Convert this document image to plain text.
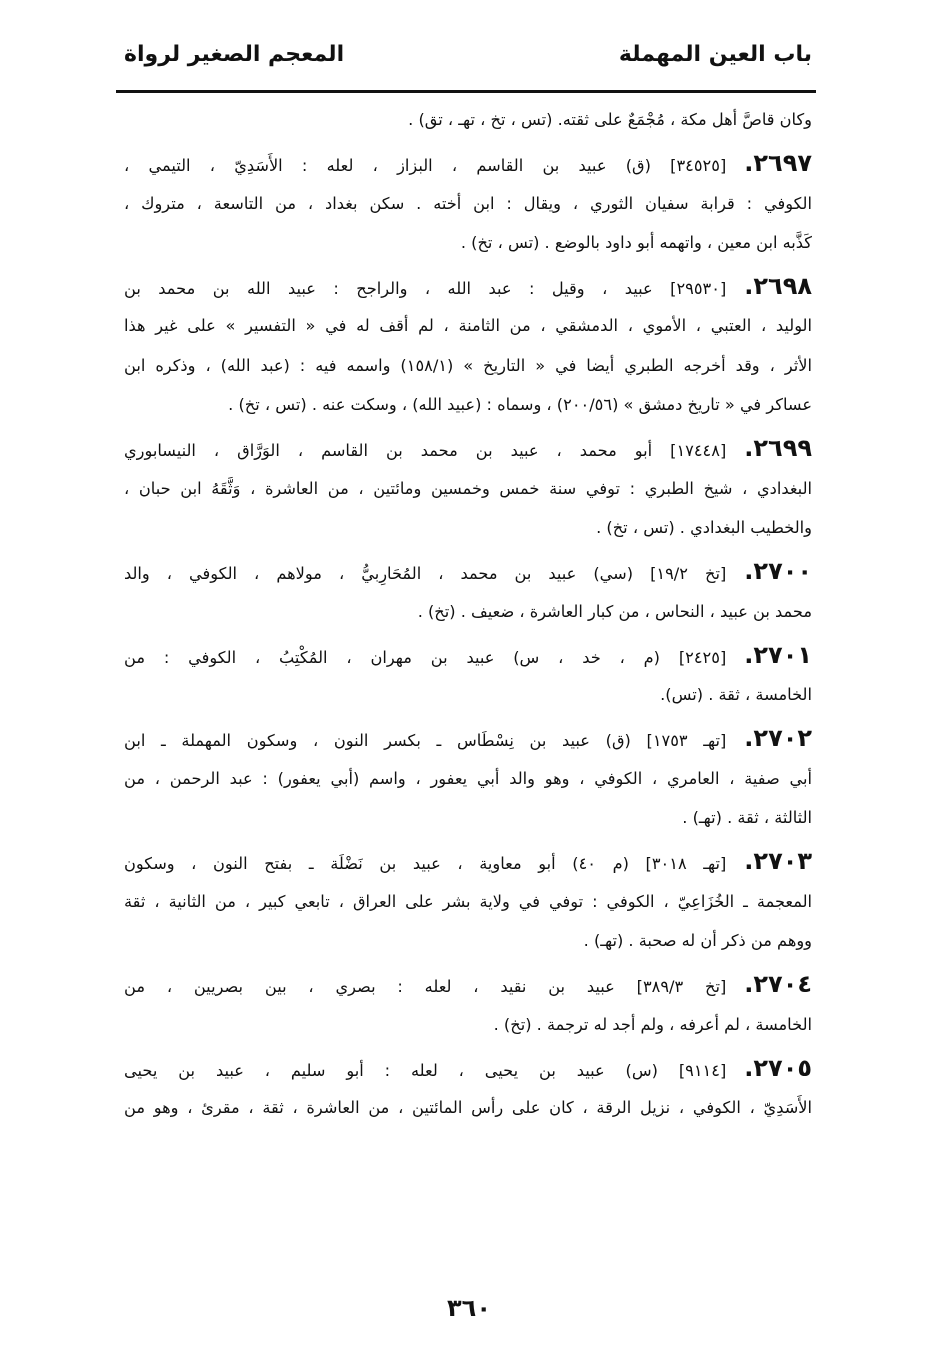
باب العين المهملة
المعجم الصغير لرواة
وكان قاصَّ أهل مكة ، مُجْمَعٌ على ثقته. (تس ، تخ ، تهـ ، تق) .
٢٦٩٧.[٣٤٥٢٥] (ق) عبيد بن القاسم ، البزاز ، لعله : الأَسَدِيّ ، التيمي ،
الكوفي : قرابة سفيان الثوري ، ويقال : ابن أخته . سكن بغداد ، من التاسعة ، متروك ،
كَذَّبه ابن معين ، واتهمه أبو داود بالوضع . (تس ، تخ) .
٢٦٩٨.[٢٩٥٣٠] عبيد ، وقيل : عبد الله ، والراجح : عبيد الله بن محمد بن
الوليد ، العتبي ، الأموي ، الدمشقي ، من الثامنة ، لم أقف له في « التفسير » على غير هذا
الأثر ، وقد أخرجه الطبري أيضا في « التاريخ » (١٥٨/١) واسمه فيه : (عبد الله) ، وذكره ابن
عساكر في « تاريخ دمشق » (٢٠٠/٥٦) ، وسماه : (عبيد الله) ، وسكت عنه . (تس ، تخ) .
٢٦٩٩.[١٧٤٤٨] أبو محمد ، عبيد بن محمد بن القاسم ، الوَرَّاق ، النيسابوري
البغدادي ، شيخ الطبري : توفي سنة خمس وخمسين ومائتين ، من العاشرة ، وَثَّقَهُ ابن حبان ،
والخطيب البغدادي . (تس ، تخ) .
٢٧٠٠.[تخ ١٩/٢] (سي) عبيد بن محمد ، المُحَارِبيُّ ، مولاهم ، الكوفي ، والد
محمد بن عبيد ، النحاس ، من كبار العاشرة ، ضعيف . (تخ) .
٢٧٠١.[٢٤٢٥] (م ، خد ، س) عبيد بن مهران ، المُكْتِبُ ، الكوفي : من
الخامسة ، ثقة . (تس).
٢٧٠٢.[تهـ ١٧٥٣] (ق) عبيد بن نِسْطَاس ـ بكسر النون ، وسكون المهملة ـ ابن
أبي صفية ، العامري ، الكوفي ، وهو والد أبي يعفور ، واسم (أبي يعفور) : عبد الرحمن ، من
الثالثة ، ثقة . (تهـ) .
٢٧٠٣.[تهـ ٣٠١٨] (م ٤٠) أبو معاوية ، عبيد بن نَضْلَة ـ بفتح النون ، وسكون
المعجمة ـ الخُزَاعِيّ ، الكوفي : توفي في ولاية بشر على العراق ، تابعي كبير ، من الثانية ، ثقة
ووهم من ذكر أن له صحبة . (تهـ) .
٢٧٠٤.[تخ ٣٨٩/٣] عبيد بن نقيد ، لعله : بصري ، بين بصريين ، من
الخامسة ، لم أعرفه ، ولم أجد له ترجمة . (تخ) .
٢٧٠٥.[٩١١٤] (س) عبيد بن يحيى ، لعله : أبو سليم ، عبيد بن يحيى
الأَسَدِيّ ، الكوفي ، نزيل الرقة ، كان على رأس المائتين ، من العاشرة ، ثقة ، مقرئ ، وهو من
٣٦٠
